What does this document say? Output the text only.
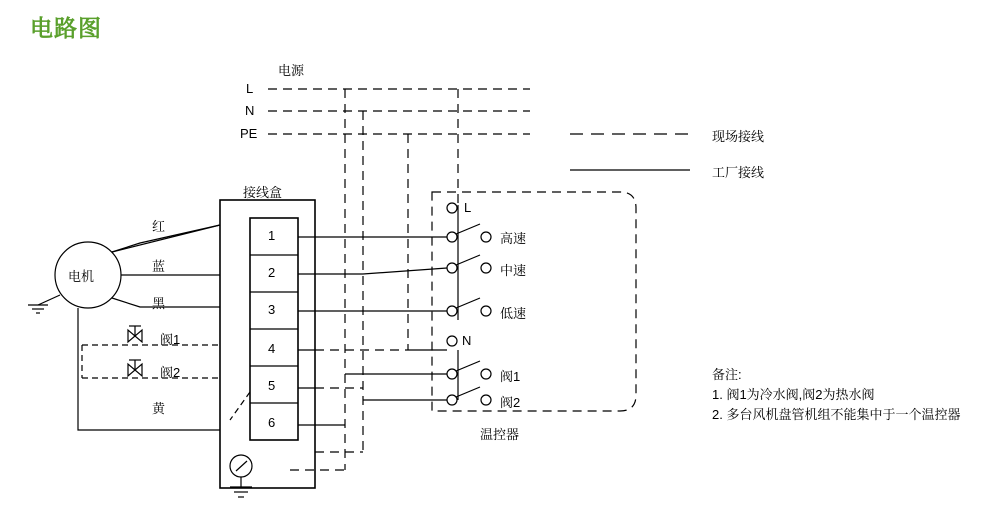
电路图
电源
L
N
PE	现场接线
工厂接线
电机
红
蓝
黑
黄
阀1
阀2
接线盒
1
2
3
4
5
6
L
N
高速
中速
低速
阀1
阀2
温控器
备注:
1. 阀1为冷水阀,阀2为热水阀
2. 多台风机盘管机组不能集中于一个温控器
